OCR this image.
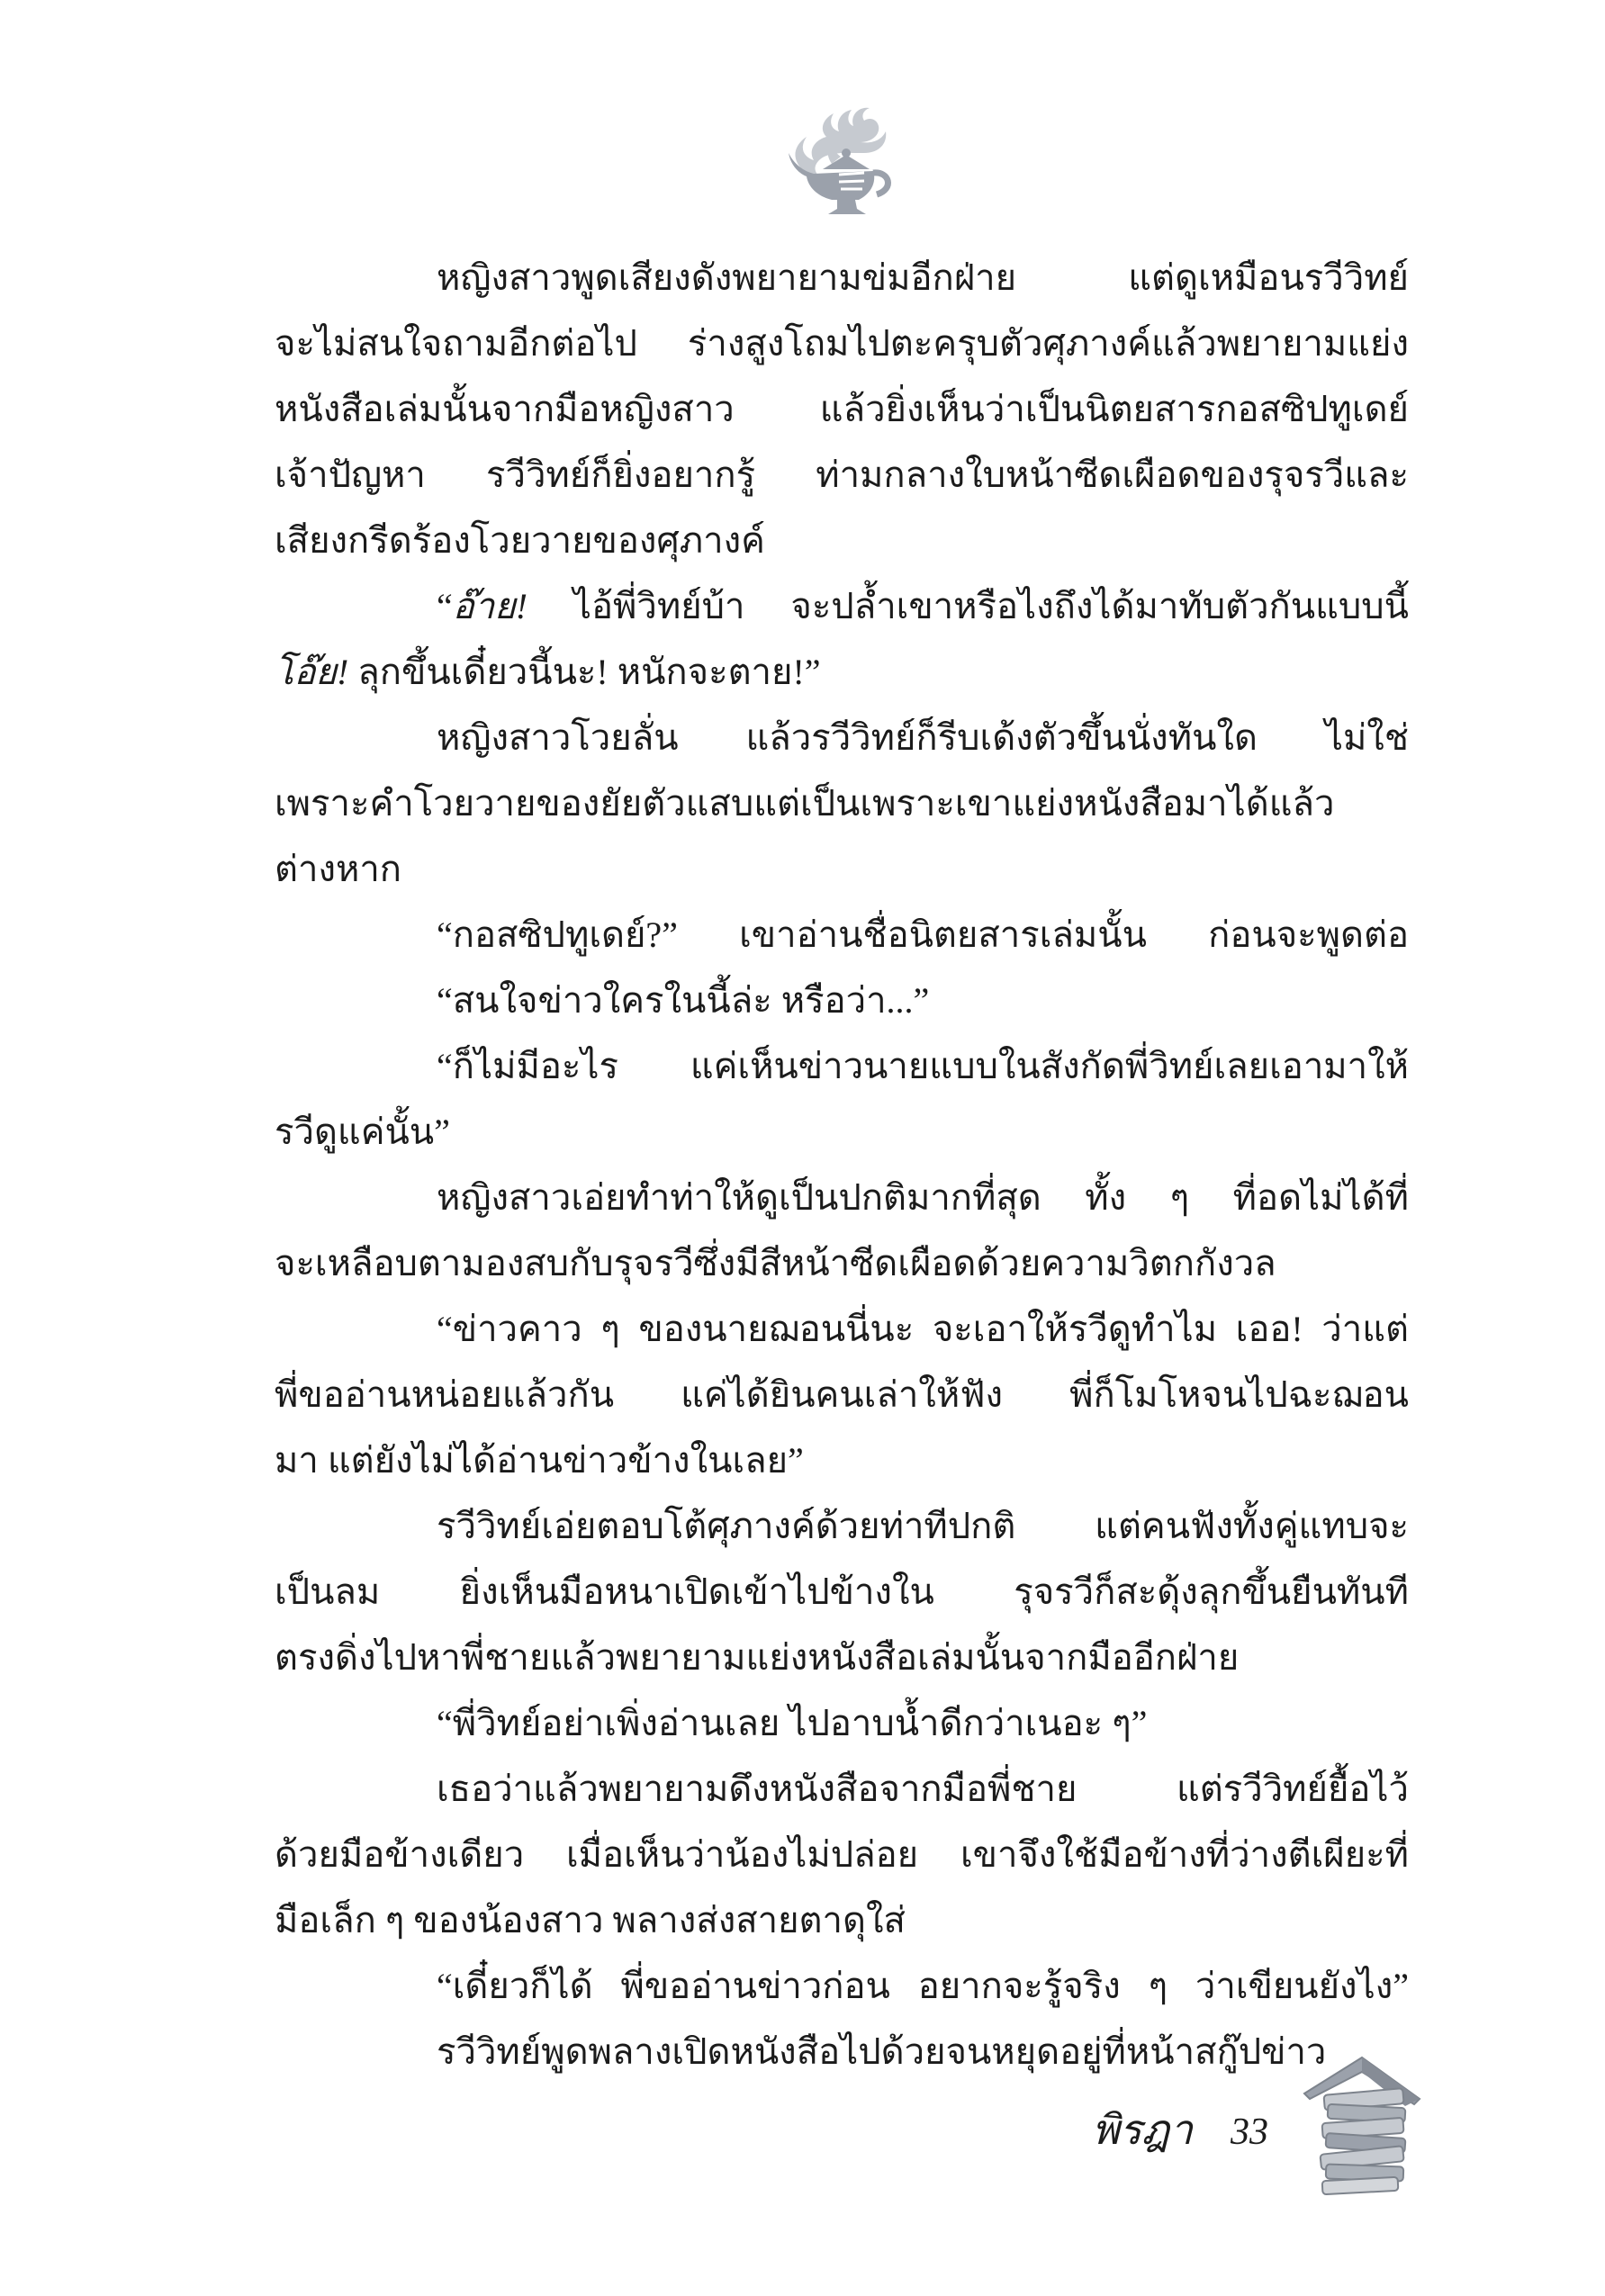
หญิงสาวพูดเสียงดังพยายามข่มอีกฝ่าย แต่ดูเหมือนรวีวิทย์
จะไม่สนใจถามอีกต่อไป ร่างสูงโถมไปตะครุบตัวศุภางค์แล้วพยายามแย่ง
หนังสือเล่มนั้นจากมือหญิงสาว แล้วยิ่งเห็นว่าเป็นนิตยสารกอสซิปทูเดย์
เจ้าปัญหา รวีวิทย์ก็ยิ่งอยากรู้ ท่ามกลางใบหน้าซีดเผือดของรุจรวีและ
เสียงกรีดร้องโวยวายของศุภางค์
“อ๊าย! ไอ้พี่วิทย์บ้า จะปล้ำเขาหรือไงถึงได้มาทับตัวกันแบบนี้
โอ๊ย! ลุกขึ้นเดี๋ยวนี้นะ! หนักจะตาย!”
หญิงสาวโวยลั่น แล้วรวีวิทย์ก็รีบเด้งตัวขึ้นนั่งทันใด ไม่ใช่
เพราะคำโวยวายของยัยตัวแสบแต่เป็นเพราะเขาแย่งหนังสือมาได้แล้ว
ต่างหาก
“กอสซิปทูเดย์?” เขาอ่านชื่อนิตยสารเล่มนั้น ก่อนจะพูดต่อ
“สนใจข่าวใครในนี้ล่ะ หรือว่า...”
“ก็ไม่มีอะไร แค่เห็นข่าวนายแบบในสังกัดพี่วิทย์เลยเอามาให้
รวีดูแค่นั้น”
หญิงสาวเอ่ยทำท่าให้ดูเป็นปกติมากที่สุด ทั้ง ๆ ที่อดไม่ได้ที่
จะเหลือบตามองสบกับรุจรวีซึ่งมีสีหน้าซีดเผือดด้วยความวิตกกังวล
“ข่าวคาว ๆ ของนายฌอนนี่นะ จะเอาให้รวีดูทำไม เออ! ว่าแต่
พี่ขออ่านหน่อยแล้วกัน แค่ได้ยินคนเล่าให้ฟัง พี่ก็โมโหจนไปฉะฌอน
มา แต่ยังไม่ได้อ่านข่าวข้างในเลย”
รวีวิทย์เอ่ยตอบโต้ศุภางค์ด้วยท่าทีปกติ แต่คนฟังทั้งคู่แทบจะ
เป็นลม ยิ่งเห็นมือหนาเปิดเข้าไปข้างใน รุจรวีก็สะดุ้งลุกขึ้นยืนทันที
ตรงดิ่งไปหาพี่ชายแล้วพยายามแย่งหนังสือเล่มนั้นจากมืออีกฝ่าย
“พี่วิทย์อย่าเพิ่งอ่านเลย ไปอาบน้ำดีกว่าเนอะ ๆ”
เธอว่าแล้วพยายามดึงหนังสือจากมือพี่ชาย แต่รวีวิทย์ยื้อไว้
ด้วยมือข้างเดียว เมื่อเห็นว่าน้องไม่ปล่อย เขาจึงใช้มือข้างที่ว่างตีเผียะที่
มือเล็ก ๆ ของน้องสาว พลางส่งสายตาดุใส่
“เดี๋ยวก็ได้ พี่ขออ่านข่าวก่อน อยากจะรู้จริง ๆ ว่าเขียนยังไง”
รวีวิทย์พูดพลางเปิดหนังสือไปด้วยจนหยุดอยู่ที่หน้าสกู๊ปข่าว
พิรฎา 33
